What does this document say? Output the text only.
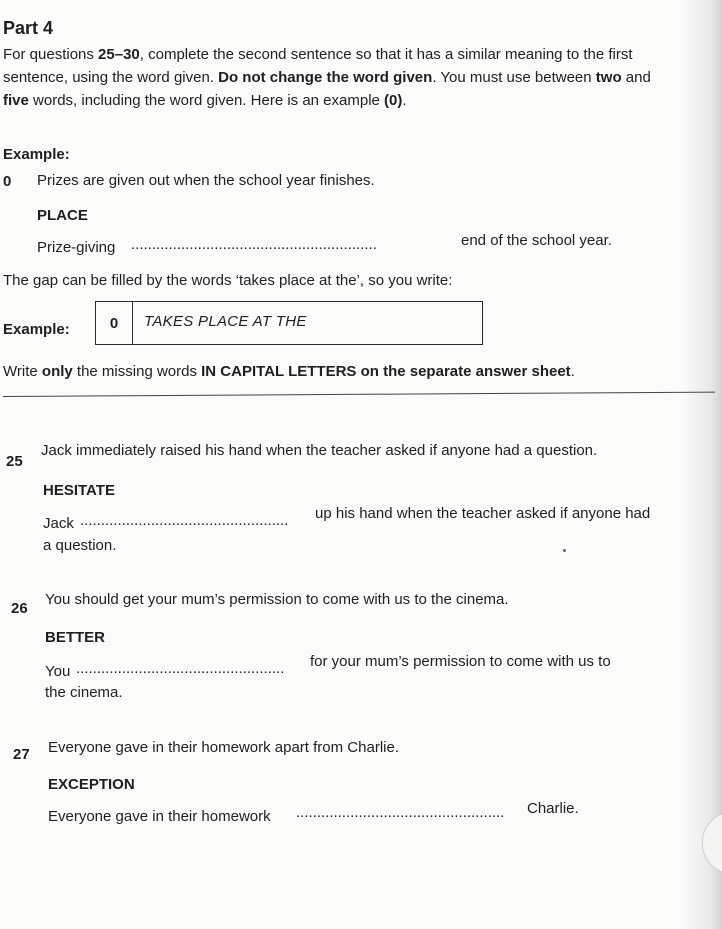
Part 4
For questions 25–30, complete the second sentence so that it has a similar meaning to the first
sentence, using the word given. Do not change the word given. You must use between two and
five words, including the word given. Here is an example (0).
Example:
0 Prizes are given out when the school year finishes.
PLACE
Prize-giving ...........................................................	end of the school year.
The gap can be filled by the words ‘takes place at the’, so you write:
Example:	0	TAKES PLACE AT THE
Write only the missing words IN CAPITAL LETTERS on the separate answer sheet.
25
Jack immediately raised his hand when the teacher asked if anyone had a question.
HESITATE
Jack .................................................. up his hand when the teacher asked if anyone had
a question.
26
You should get your mum’s permission to come with us to the cinema.
BETTER
You .................................................. for your mum’s permission to come with us to
the cinema.
27 Everyone gave in their homework apart from Charlie.
EXCEPTION
Everyone gave in their homework .................................................. Charlie.
